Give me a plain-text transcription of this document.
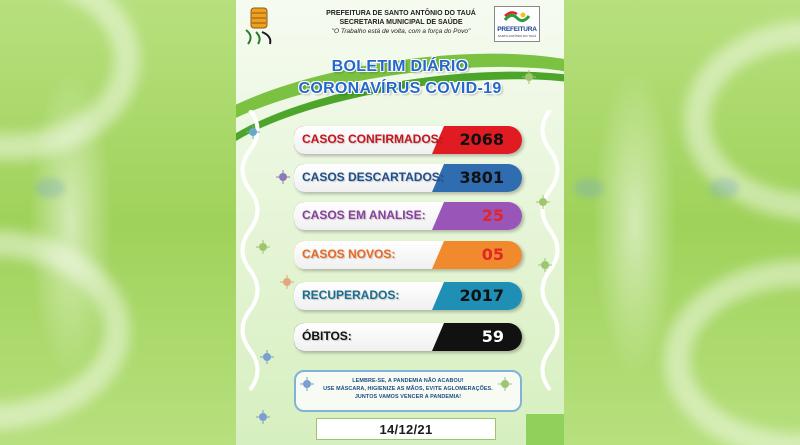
PREFEITURA DE SANTO ANTÔNIO DO TAUÁ
SECRETARIA MUNICIPAL DE SAÚDE
"O Trabalho está de volta, com a força do Povo"	PREFEITURA
SANTO ANTÔNIO DO TAUÁ
BOLETIM DIÁRIO
CORONAVÍRUS COVID-19
CASOS CONFIRMADOS: 2068
CASOS DESCARTADOS: 3801
CASOS EM ANALISE:	25
CASOS NOVOS:	05
RECUPERADOS:	2017
ÓBITOS:	59
LEMBRE-SE, A PANDEMIA NÃO ACABOU!
USE MÁSCARA, HIGIENIZE AS MÃOS, EVITE AGLOMERAÇÕES.
JUNTOS VAMOS VENCER A PANDEMIA!
14/12/21
